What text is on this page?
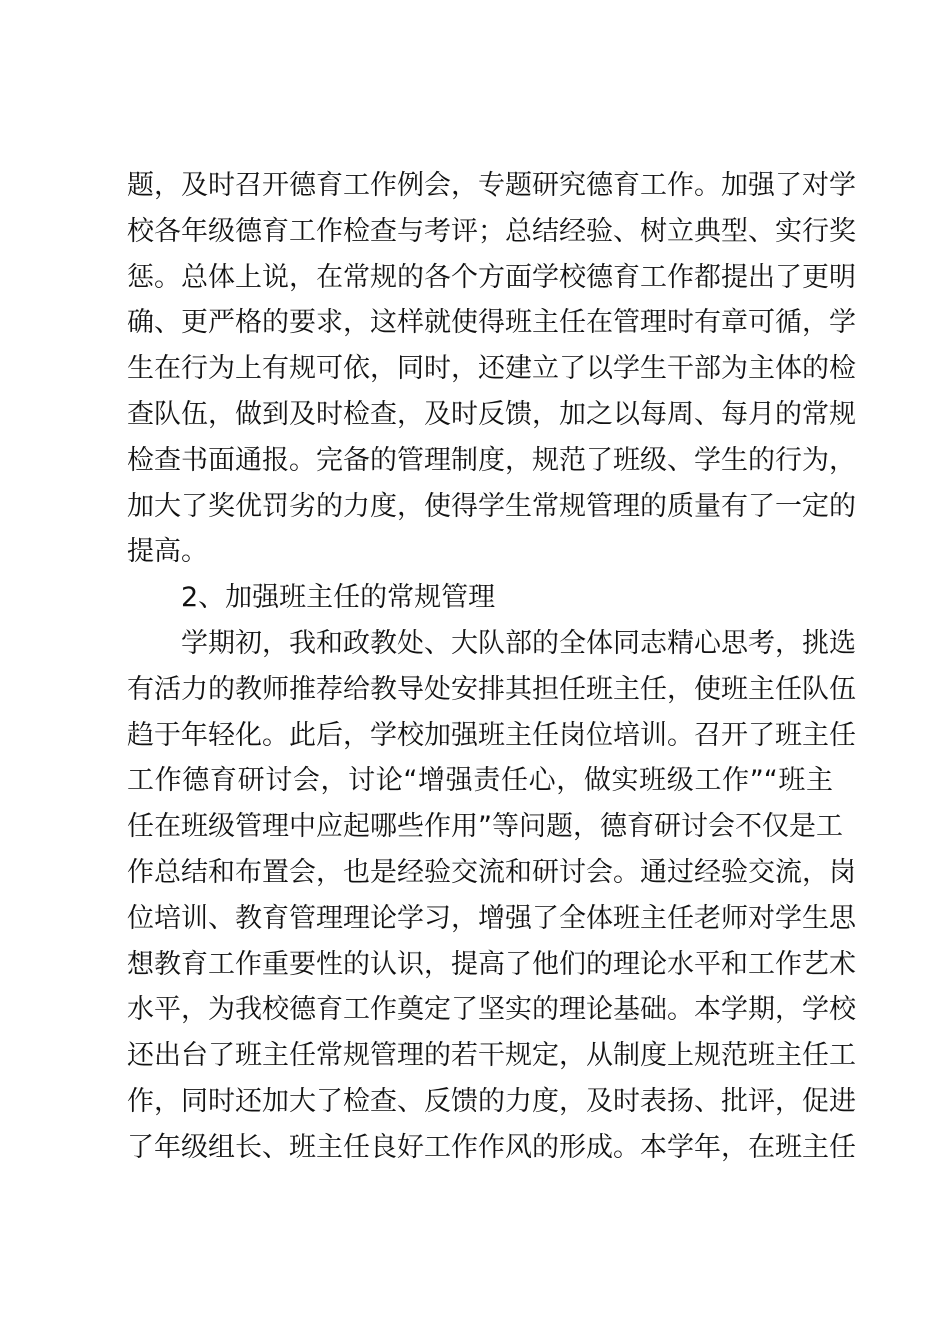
题，及时召开德育工作例会，专题研究德育工作。加强了对学
校各年级德育工作检查与考评；总结经验、树立典型、实行奖
惩。总体上说，在常规的各个方面学校德育工作都提出了更明
确、更严格的要求，这样就使得班主任在管理时有章可循，学
生在行为上有规可依，同时，还建立了以学生干部为主体的检
查队伍，做到及时检查，及时反馈，加之以每周、每月的常规
检查书面通报。完备的管理制度，规范了班级、学生的行为，
加大了奖优罚劣的力度，使得学生常规管理的质量有了一定的
提高。
2、加强班主任的常规管理
学期初，我和政教处、大队部的全体同志精心思考，挑选
有活力的教师推荐给教导处安排其担任班主任，使班主任队伍
趋于年轻化。此后，学校加强班主任岗位培训。召开了班主任
工作德育研讨会，讨论“增强责任心，做实班级工作”“班主
任在班级管理中应起哪些作用”等问题，德育研讨会不仅是工
作总结和布置会，也是经验交流和研讨会。通过经验交流，岗
位培训、教育管理理论学习，增强了全体班主任老师对学生思
想教育工作重要性的认识，提高了他们的理论水平和工作艺术
水平，为我校德育工作奠定了坚实的理论基础。本学期，学校
还出台了班主任常规管理的若干规定，从制度上规范班主任工
作，同时还加大了检查、反馈的力度，及时表扬、批评，促进
了年级组长、班主任良好工作作风的形成。本学年，在班主任
